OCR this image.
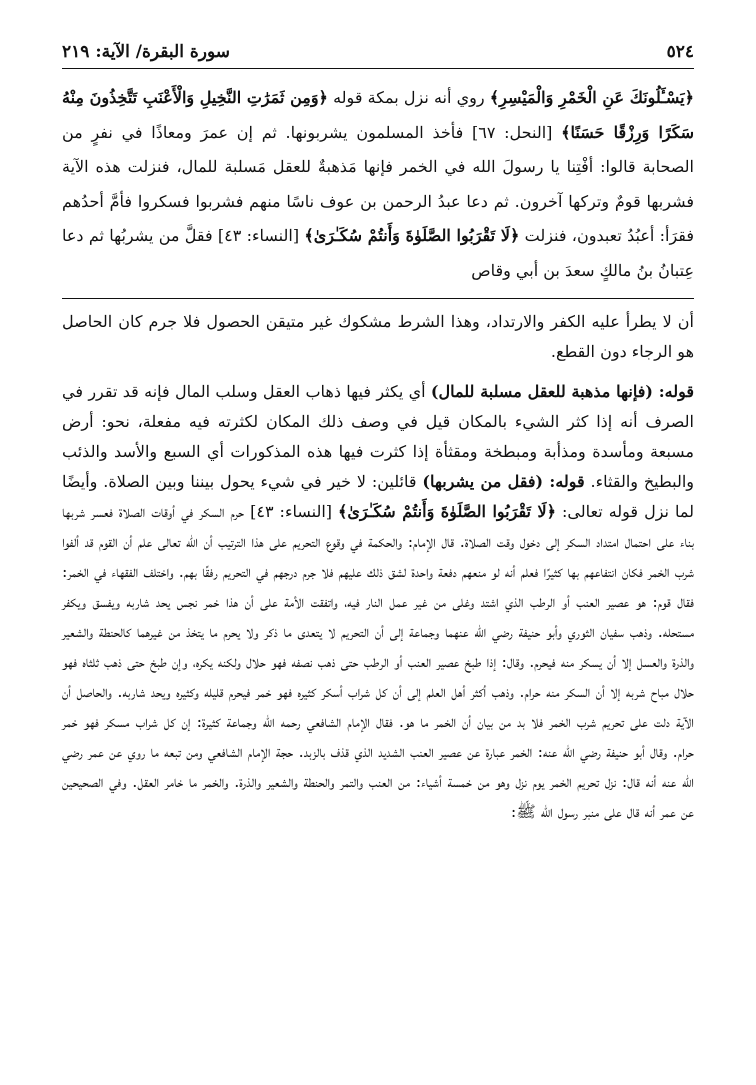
٥٢٤
سورة البقرة/ الآية: ٢١٩
﴿يَسْـَٔلُونَكَ عَنِ الْخَمْرِ وَالْمَيْسِرِ﴾ روي أنه نزل بمكة قوله ﴿وَمِن ثَمَرَٰتِ النَّخِيلِ وَالْأَعْنَبِ تَتَّخِذُونَ مِنْهُ سَكَرًا وَرِزْقًا حَسَنًا﴾ [النحل: ٦٧] فأخذ المسلمون يشربونها. ثم إن عمرَ ومعاذًا في نفرٍ من الصحابة قالوا: أفْتِنا يا رسولَ الله في الخمر فإنها مَذهبةٌ للعقل مَسلبة للمال، فنزلت هذه الآية فشربها قومٌ وتركها آخرون. ثم دعا عبدُ الرحمن بن عوف ناسًا منهم فشربوا فسكروا فأمَّ أحدُهم فقرَأ: أعبُدُ تعبدون، فنزلت ﴿لَا تَقْرَبُوا الصَّلَوٰةَ وَأَنتُمْ سُكَـٰرَىٰ﴾ [النساء: ٤٣] فقلَّ من يشربُها ثم دعا عِتبانُ بنُ مالكٍ سعدَ بن أبي وقاص

أن لا يطرأ عليه الكفر والارتداد، وهذا الشرط مشكوك غير متيقن الحصول فلا جرم كان الحاصل هو الرجاء دون القطع.

قوله: (فإنها مذهبة للعقل مسلبة للمال) أي يكثر فيها ذهاب العقل وسلب المال فإنه قد تقرر في الصرف أنه إذا كثر الشيء بالمكان قيل في وصف ذلك المكان لكثرته فيه مفعلة، نحو: أرض مسبعة ومأسدة ومذأبة ومبطخة ومقثأة إذا كثرت فيها هذه المذكورات أي السبع والأسد والذئب والبطيخ والقثاء. قوله: (فقل من يشربها) قائلين: لا خير في شيء يحول بيننا وبين الصلاة. وأيضًا لما نزل قوله تعالى: ﴿لَا تَقْرَبُوا الصَّلَوٰةَ وَأَنتُمْ سُكَـٰرَىٰ﴾ [النساء: ٤٣] حرم السكر في أوقات الصلاة فعسر شربها بناء على احتمال امتداد السكر إلى دخول وقت الصلاة. قال الإمام: والحكمة في وقوع التحريم على هذا الترتيب أن الله تعالى علم أن القوم قد ألفوا شرب الخمر فكان انتفاعهم بها كثيرًا فعلم أنه لو منعهم دفعة واحدة لشق ذلك عليهم فلا جرم درجهم في التحريم رفقًا بهم. واختلف الفقهاء في الخمر: فقال قوم: هو عصير العنب أو الرطب الذي اشتد وغلى من غير عمل النار فيه، واتفقت الأمة على أن هذا خمر نجس يحد شاربه ويفسق ويكفر مستحله. وذهب سفيان الثوري وأبو حنيفة رضي الله عنهما وجماعة إلى أن التحريم لا يتعدى ما ذكر ولا يحرم ما يتخذ من غيرهما كالحنطة والشعير والذرة والعسل إلا أن يسكر منه فيحرم. وقال: إذا طبخ عصير العنب أو الرطب حتى ذهب نصفه فهو حلال ولكنه يكره، وإن طبخ حتى ذهب ثلثاه فهو حلال مباح شربه إلا أن السكر منه حرام. وذهب أكثر أهل العلم إلى أن كل شراب أسكر كثيره فهو خمر فيحرم قليله وكثيره ويحد شاربه. والحاصل أن الآية دلت على تحريم شرب الخمر فلا بد من بيان أن الخمر ما هو. فقال الإمام الشافعي رحمه الله وجماعة كثيرة: إن كل شراب مسكر فهو خمر حرام. وقال أبو حنيفة رضي الله عنه: الخمر عبارة عن عصير العنب الشديد الذي قذف بالزبد. حجة الإمام الشافعي ومن تبعه ما روي عن عمر رضي الله عنه أنه قال: نزل تحريم الخمر يوم نزل وهو من خمسة أشياء: من العنب والتمر والحنطة والشعير والذرة. والخمر ما خامر العقل. وفي الصحيحين عن عمر أنه قال على منبر رسول الله ﷺ:
